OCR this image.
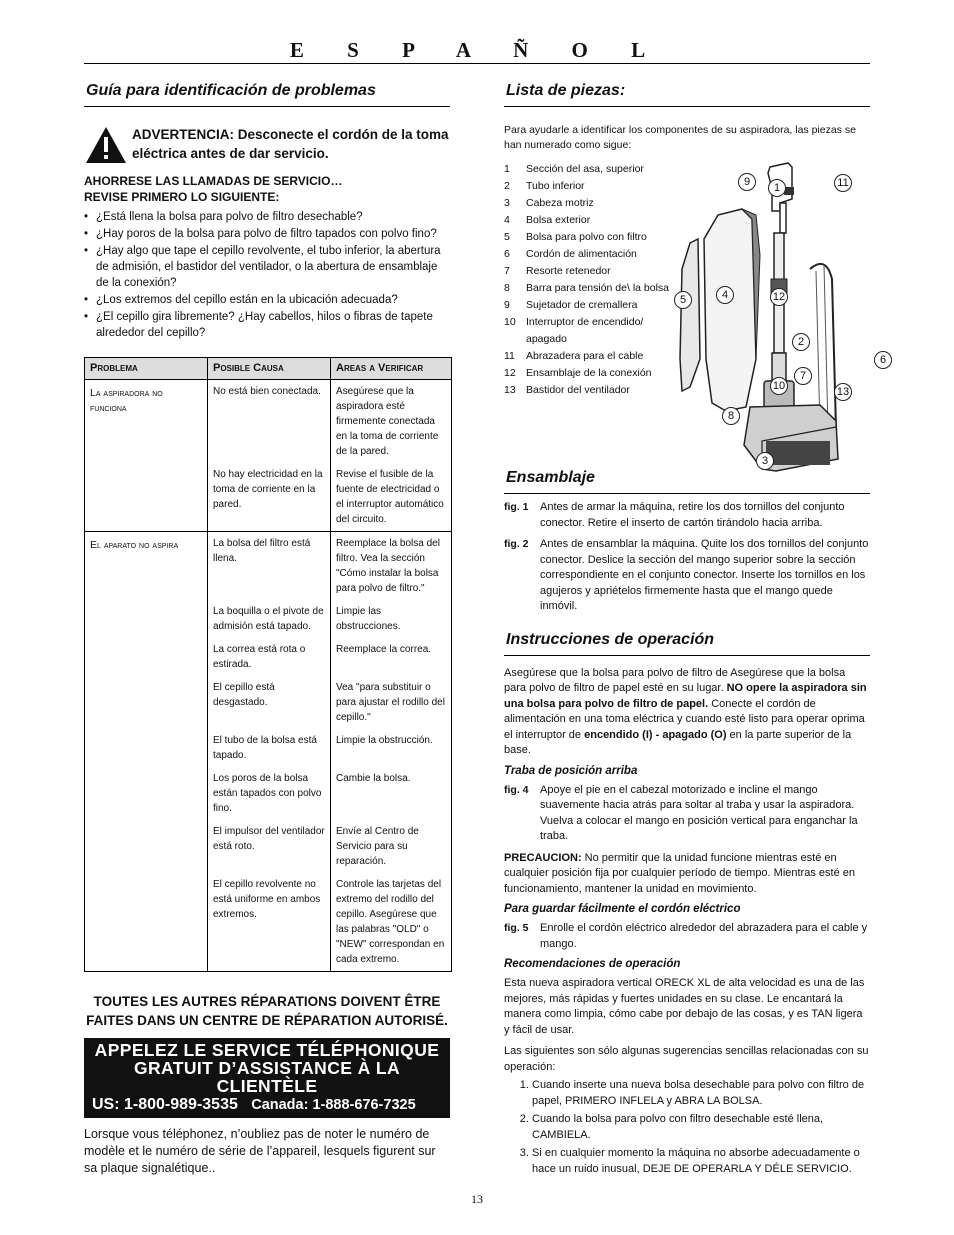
E S P A Ñ O L
Guía para identificación de problemas
ADVERTENCIA: Desconecte el cordón de la toma eléctrica antes de dar servicio.
AHORRESE LAS LLAMADAS DE SERVICIO…
REVISE PRIMERO LO SIGUIENTE:
• ¿Está llena la bolsa para polvo de filtro desechable?
• ¿Hay poros de la bolsa para polvo de filtro tapados con polvo fino?
• ¿Hay algo que tape el cepillo revolvente, el tubo inferior, la abertura de admisión, el bastidor del ventilador, o la abertura de ensamblaje de la conexión?
• ¿Los extremos del cepillo están en la ubicación adecuada?
• ¿El cepillo gira libremente? ¿Hay cabellos, hilos o fibras de tapete alrededor del cepillo?
Problema	Posible Causa	Areas a Verificar
La aspiradora no funciona	No está bien conectada.	Asegúrese que la aspiradora esté firmemente conectada en la toma de corriente de la pared.

	No hay electricidad en la toma de corriente en la pared.	Revise el fusible de la fuente de electricidad o el interruptor automático del circuito.

El aparato no aspira	La bolsa del filtro está llena.	Reemplace la bolsa del filtro. Vea la sección "Cómo instalar la bolsa para polvo de filtro."

	La boquilla o el pivote de admisión está tapado.	Limpie las obstrucciones.

	La correa está rota o estirada.	Reemplace la correa.

	El cepillo está desgastado.	Vea "para substituir o para ajustar el rodillo del cepillo."

	El tubo de la bolsa está tapado.	Limpie la obstrucción.

	Los poros de la bolsa están tapados con polvo fino.	Cambie la bolsa.

	El impulsor del ventilador está roto.	Envíe al Centro de Servicio para su reparación.

	El cepillo revolvente no está uniforme en ambos extremos.	Controle las tarjetas del extremo del rodillo del cepillo. Asegúrese que las palabras "OLD" o "NEW" correspondan en cada extremo.
TOUTES LES AUTRES RÉPARATIONS DOIVENT ÊTRE FAITES DANS UN CENTRE DE RÉPARATION AUTORISÉ.
APPELEZ LE SERVICE TÉLÉPHONIQUE
GRATUIT D’ASSISTANCE À LA CLIENTÈLE
US: 1-800-989-3535 Canada: 1-888-676-7325
Lorsque vous téléphonez, n’oubliez pas de noter le numéro de modèle et le numéro de série de l’appareil, lesquels figurent sur sa plaque signalétique..
Lista de piezas:
Para ayudarle a identificar los componentes de su aspiradora, las piezas se han numerado como sigue:
1	Sección del asa, superior
2	Tubo inferior
3	Cabeza motriz
4	Bolsa exterior
5	Bolsa para polvo con filtro
6	Cordón de alimentación
7	Resorte retenedor
8	Barra para tensión de\ la bolsa
9	Sujetador de cremallera
10 Interruptor de encendido/ apagado
11	Abrazadera para el cable
12 Ensamblaje de la conexión
13 Bastidor del ventilador
1
2
3
4
5
6
7
8
9
10
11
12
13
Ensamblaje
fig. 1	Antes de armar la máquina, retire los dos tornillos del conjunto conector. Retire el inserto de cartón tirándolo hacia arriba.
fig. 2	Antes de ensamblar la máquina. Quite los dos tornillos del conjunto conector. Deslice la sección del mango superior sobre la sección correspondiente en el conjunto conector. Inserte los tornillos en los agujeros y apriételos firmemente hasta que el mango quede inmóvil.
Instrucciones de operación
Asegúrese que la bolsa para polvo de filtro de Asegúrese que la bolsa para polvo de filtro de papel esté en su lugar. NO opere la aspiradora sin una bolsa para polvo de filtro de papel. Conecte el cordón de alimentación en una toma eléctrica y cuando esté listo para operar oprima el interruptor de encendido (I) - apagado (O) en la parte superior de la base.
Traba de posición arriba
fig. 4	Apoye el pie en el cabezal motorizado e incline el mango suavemente hacia atrás para soltar al traba y usar la aspiradora. Vuelva a colocar el mango en posición vertical para enganchar la traba.
PRECAUCION: No permitir que la unidad funcione mientras esté en cualquier posición fija por cualquier período de tiempo. Mientras esté en funcionamiento, mantener la unidad en movimiento.
Para guardar fácilmente el cordón eléctrico
fig. 5	Enrolle el cordón eléctrico alrededor del abrazadera para el cable y mango.
Recomendaciones de operación
Esta nueva aspiradora vertical ORECK XL de alta velocidad es una de las mejores, más rápidas y fuertes unidades en su clase. Le encantará la manera como limpia, cómo cabe por debajo de las cosas, y es TAN ligera y fácil de usar.
Las siguientes son sólo algunas sugerencias sencillas relacionadas con su operación:
1. Cuando inserte una nueva bolsa desechable para polvo con filtro de papel, PRIMERO INFLELA y ABRA LA BOLSA.
2. Cuando la bolsa para polvo con filtro desechable esté llena, CAMBIELA.
3. Si en cualquier momento la máquina no absorbe adecuadamente o hace un ruido inusual, DEJE DE OPERARLA Y DÉLE SERVICIO.
13
